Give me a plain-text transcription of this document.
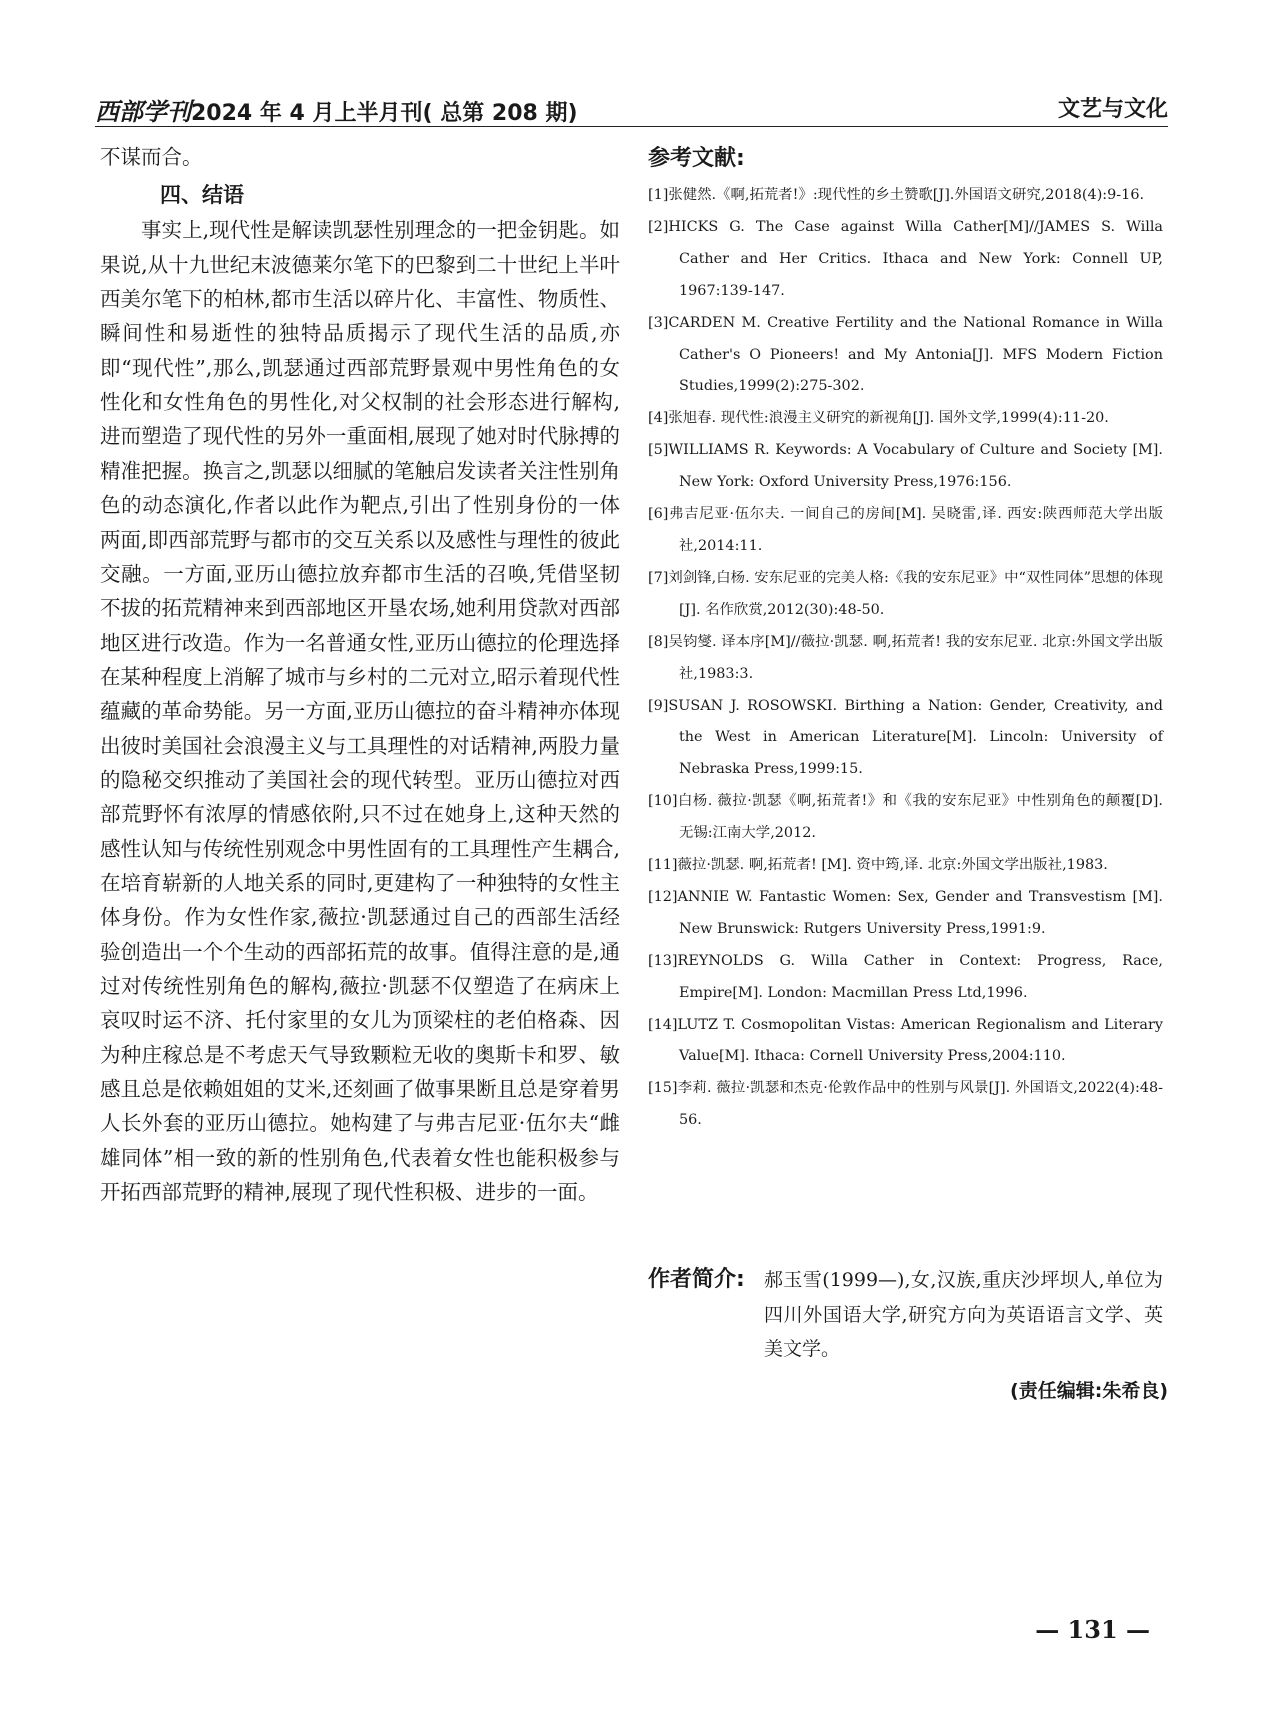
西部学刊2024 年 4 月上半月刊( 总第 208 期)	文艺与文化

不谋而合。

四、结语

事实上,现代性是解读凯瑟性别理念的一把金钥匙。如果说,从十九世纪末波德莱尔笔下的巴黎到二十世纪上半叶西美尔笔下的柏林,都市生活以碎片化、丰富性、物质性、瞬间性和易逝性的独特品质揭示了现代生活的品质,亦即“现代性”,那么,凯瑟通过西部荒野景观中男性角色的女性化和女性角色的男性化,对父权制的社会形态进行解构,进而塑造了现代性的另外一重面相,展现了她对时代脉搏的精准把握。换言之,凯瑟以细腻的笔触启发读者关注性别角色的动态演化,作者以此作为靶点,引出了性别身份的一体两面,即西部荒野与都市的交互关系以及感性与理性的彼此交融。一方面,亚历山德拉放弃都市生活的召唤,凭借坚韧不拔的拓荒精神来到西部地区开垦农场,她利用贷款对西部地区进行改造。作为一名普通女性,亚历山德拉的伦理选择在某种程度上消解了城市与乡村的二元对立,昭示着现代性蕴藏的革命势能。另一方面,亚历山德拉的奋斗精神亦体现出彼时美国社会浪漫主义与工具理性的对话精神,两股力量的隐秘交织推动了美国社会的现代转型。亚历山德拉对西部荒野怀有浓厚的情感依附,只不过在她身上,这种天然的感性认知与传统性别观念中男性固有的工具理性产生耦合,在培育崭新的人地关系的同时,更建构了一种独特的女性主体身份。作为女性作家,薇拉·凯瑟通过自己的西部生活经验创造出一个个生动的西部拓荒的故事。值得注意的是,通过对传统性别角色的解构,薇拉·凯瑟不仅塑造了在病床上哀叹时运不济、托付家里的女儿为顶梁柱的老伯格森、因为种庄稼总是不考虑天气导致颗粒无收的奥斯卡和罗、敏感且总是依赖姐姐的艾米,还刻画了做事果断且总是穿着男人长外套的亚历山德拉。她构建了与弗吉尼亚·伍尔夫“雌雄同体”相一致的新的性别角色,代表着女性也能积极参与开拓西部荒野的精神,展现了现代性积极、进步的一面。

参考文献:

[1]张健然.《啊,拓荒者!》:现代性的乡土赞歌[J].外国语文研究,2018(4):9-16.

[2]HICKS G. The Case against Willa Cather[M]//JAMES S. Willa Cather and Her Critics. Ithaca and New York: Connell UP, 1967:139-147.

[3]CARDEN M. Creative Fertility and the National Romance in Willa Cather's O Pioneers! and My Antonia[J]. MFS Modern Fiction Studies,1999(2):275-302.

[4]张旭春. 现代性:浪漫主义研究的新视角[J]. 国外文学,1999(4):11-20.

[5]WILLIAMS R. Keywords: A Vocabulary of Culture and Society [M]. New York: Oxford University Press,1976:156.

[6]弗吉尼亚·伍尔夫. 一间自己的房间[M]. 吴晓雷,译. 西安:陕西师范大学出版社,2014:11.

[7]刘剑锋,白杨. 安东尼亚的完美人格:《我的安东尼亚》中“双性同体”思想的体现[J]. 名作欣赏,2012(30):48-50.

[8]吴钧燮. 译本序[M]//薇拉·凯瑟. 啊,拓荒者! 我的安东尼亚. 北京:外国文学出版社,1983:3.

[9]SUSAN J. ROSOWSKI. Birthing a Nation: Gender, Creativity, and the West in American Literature[M]. Lincoln: University of Nebraska Press,1999:15.

[10]白杨. 薇拉·凯瑟《啊,拓荒者!》和《我的安东尼亚》中性别角色的颠覆[D]. 无锡:江南大学,2012.

[11]薇拉·凯瑟. 啊,拓荒者! [M]. 资中筠,译. 北京:外国文学出版社,1983.

[12]ANNIE W. Fantastic Women: Sex, Gender and Transvestism [M]. New Brunswick: Rutgers University Press,1991:9.

[13]REYNOLDS G. Willa Cather in Context: Progress, Race, Empire[M]. London: Macmillan Press Ltd,1996.

[14]LUTZ T. Cosmopolitan Vistas: American Regionalism and Literary Value[M]. Ithaca: Cornell University Press,2004:110.

[15]李莉. 薇拉·凯瑟和杰克·伦敦作品中的性别与风景[J]. 外国语文,2022(4):48-56.

作者简介: 郝玉雪(1999—),女,汉族,重庆沙坪坝人,单位为四川外国语大学,研究方向为英语语言文学、英美文学。
(责任编辑:朱希良)
— 131 —
